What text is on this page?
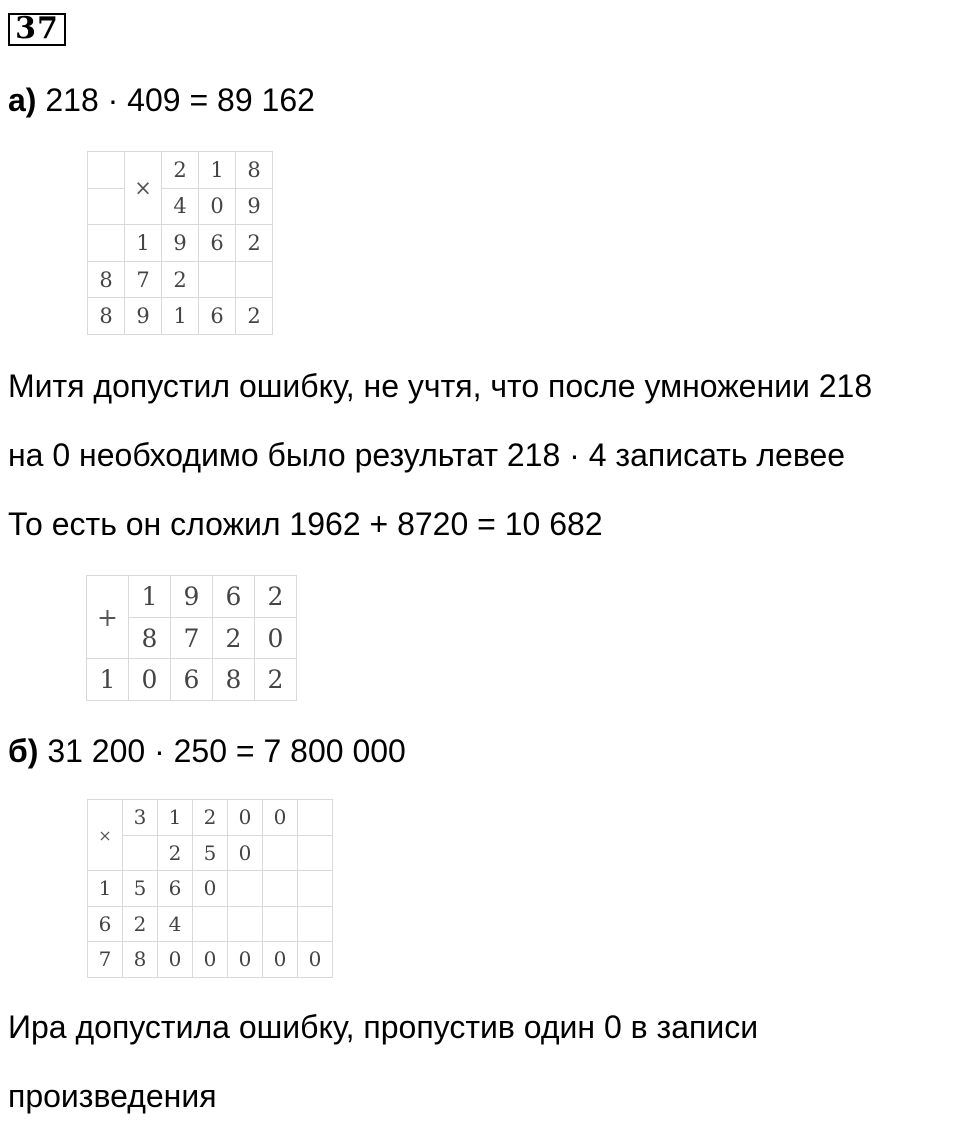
37
а) 218 · 409 = 89 162
	×	2	1	8
		4	0	9
	1	9	6	2
8	7	2		
8	9	1	6	2
Митя допустил ошибку, не учтя, что после умножении 218
на 0 необходимо было результат 218 · 4 записать левее
То есть он сложил 1962 + 8720 = 10 682
+	1	9	6	2
	8	7	2	0
1	0	6	8	2
б) 31 200 · 250 = 7 800 000
×	3	1	2	0	0	
		2	5	0		
1	5	6	0			
6	2	4				
7	8	0	0	0	0	0
Ира допустила ошибку, пропустив один 0 в записи
произведения
